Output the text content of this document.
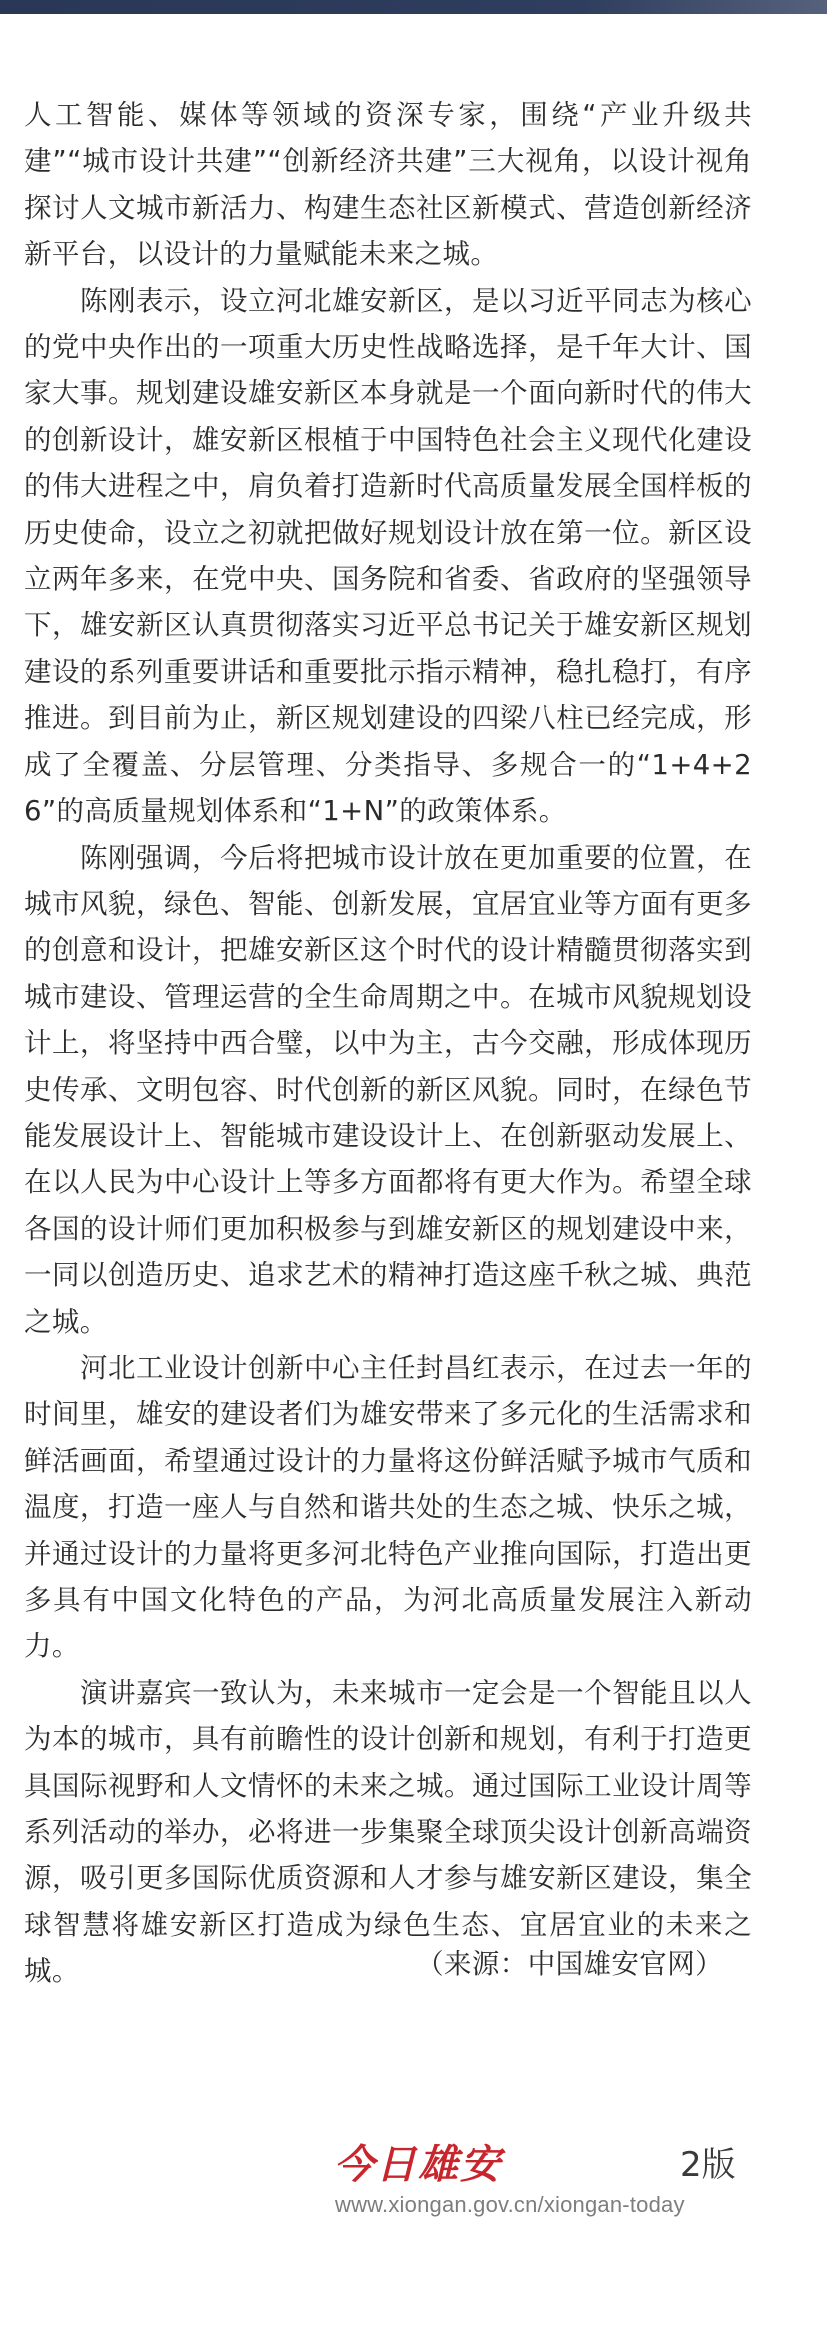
人工智能、媒体等领域的资深专家，围绕“产业升级共建”“城市设计共建”“创新经济共建”三大视角，以设计视角探讨人文城市新活力、构建生态社区新模式、营造创新经济新平台，以设计的力量赋能未来之城。

陈刚表示，设立河北雄安新区，是以习近平同志为核心的党中央作出的一项重大历史性战略选择，是千年大计、国家大事。规划建设雄安新区本身就是一个面向新时代的伟大的创新设计，雄安新区根植于中国特色社会主义现代化建设的伟大进程之中，肩负着打造新时代高质量发展全国样板的历史使命，设立之初就把做好规划设计放在第一位。新区设立两年多来，在党中央、国务院和省委、省政府的坚强领导下，雄安新区认真贯彻落实习近平总书记关于雄安新区规划建设的系列重要讲话和重要批示指示精神，稳扎稳打，有序推进。到目前为止，新区规划建设的四梁八柱已经完成，形成了全覆盖、分层管理、分类指导、多规合一的“1+4+26”的高质量规划体系和“1+N”的政策体系。

陈刚强调，今后将把城市设计放在更加重要的位置，在城市风貌，绿色、智能、创新发展，宜居宜业等方面有更多的创意和设计，把雄安新区这个时代的设计精髓贯彻落实到城市建设、管理运营的全生命周期之中。在城市风貌规划设计上，将坚持中西合璧，以中为主，古今交融，形成体现历史传承、文明包容、时代创新的新区风貌。同时，在绿色节能发展设计上、智能城市建设设计上、在创新驱动发展上、在以人民为中心设计上等多方面都将有更大作为。希望全球各国的设计师们更加积极参与到雄安新区的规划建设中来，一同以创造历史、追求艺术的精神打造这座千秋之城、典范之城。

河北工业设计创新中心主任封昌红表示，在过去一年的时间里，雄安的建设者们为雄安带来了多元化的生活需求和鲜活画面，希望通过设计的力量将这份鲜活赋予城市气质和温度，打造一座人与自然和谐共处的生态之城、快乐之城，并通过设计的力量将更多河北特色产业推向国际，打造出更多具有中国文化特色的产品，为河北高质量发展注入新动力。

演讲嘉宾一致认为，未来城市一定会是一个智能且以人为本的城市，具有前瞻性的设计创新和规划，有利于打造更具国际视野和人文情怀的未来之城。通过国际工业设计周等系列活动的举办，必将进一步集聚全球顶尖设计创新高端资源，吸引更多国际优质资源和人才参与雄安新区建设，集全球智慧将雄安新区打造成为绿色生态、宜居宜业的未来之城。	（来源：中国雄安官网）
今日雄安	2版
www.xiongan.gov.cn/xiongan-today
